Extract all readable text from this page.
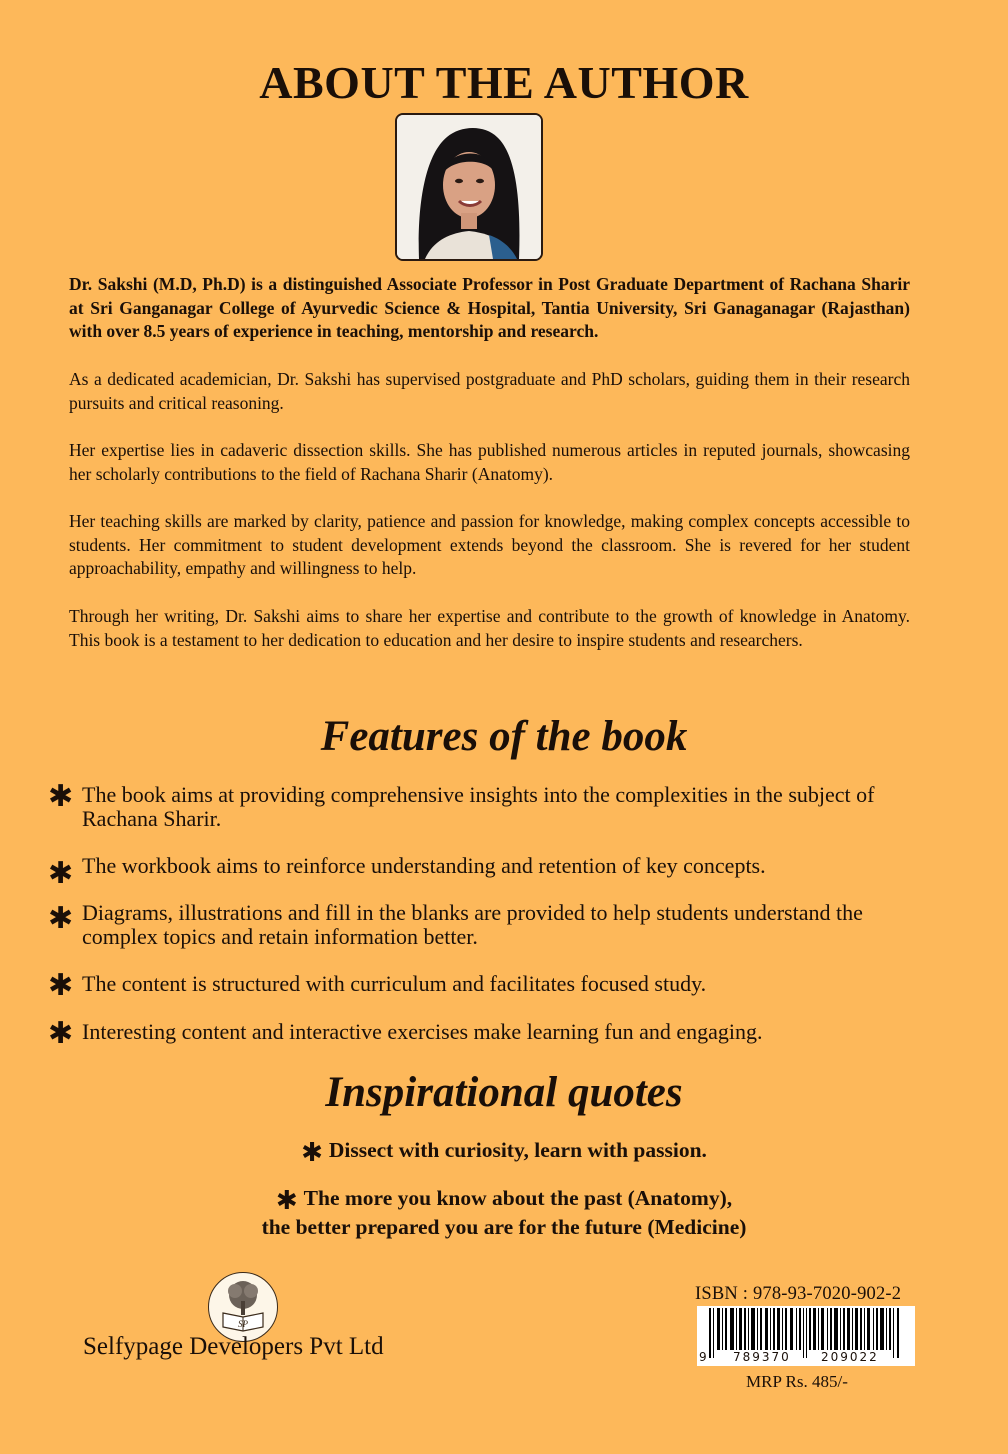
ABOUT THE AUTHOR

Dr. Sakshi (M.D, Ph.D) is a distinguished Associate Professor in Post Graduate Department of Rachana Sharir at Sri Ganganagar College of Ayurvedic Science & Hospital, Tantia University, Sri Ganaganagar (Rajasthan) with over 8.5 years of experience in teaching, mentorship and research.

As a dedicated academician, Dr. Sakshi has supervised postgraduate and PhD scholars, guiding them in their research pursuits and critical reasoning.

Her expertise lies in cadaveric dissection skills. She has published numerous articles in reputed journals, showcasing her scholarly contributions to the field of Rachana Sharir (Anatomy).

Her teaching skills are marked by clarity, patience and passion for knowledge, making complex concepts accessible to students. Her commitment to student development extends beyond the classroom. She is revered for her student approachability, empathy and willingness to help.

Through her writing, Dr. Sakshi aims to share her expertise and contribute to the growth of knowledge in Anatomy. This book is a testament to her dedication to education and her desire to inspire students and researchers.

Features of the book
✱ The book aims at providing comprehensive insights into the complexities in the subject of Rachana Sharir.
✱ The workbook aims to reinforce understanding and retention of key concepts.
✱ Diagrams, illustrations and fill in the blanks are provided to help students understand the complex topics and retain information better.
✱ The content is structured with curriculum and facilitates focused study.
✱ Interesting content and interactive exercises make learning fun and engaging.
Inspirational quotes
✱ Dissect with curiosity, learn with passion.
✱ The more you know about the past (Anatomy),
the better prepared you are for the future (Medicine)
SP
Selfypage Developers Pvt Ltd
ISBN : 978-93-7020-902-2
9 789370	209022
MRP Rs. 485/-
